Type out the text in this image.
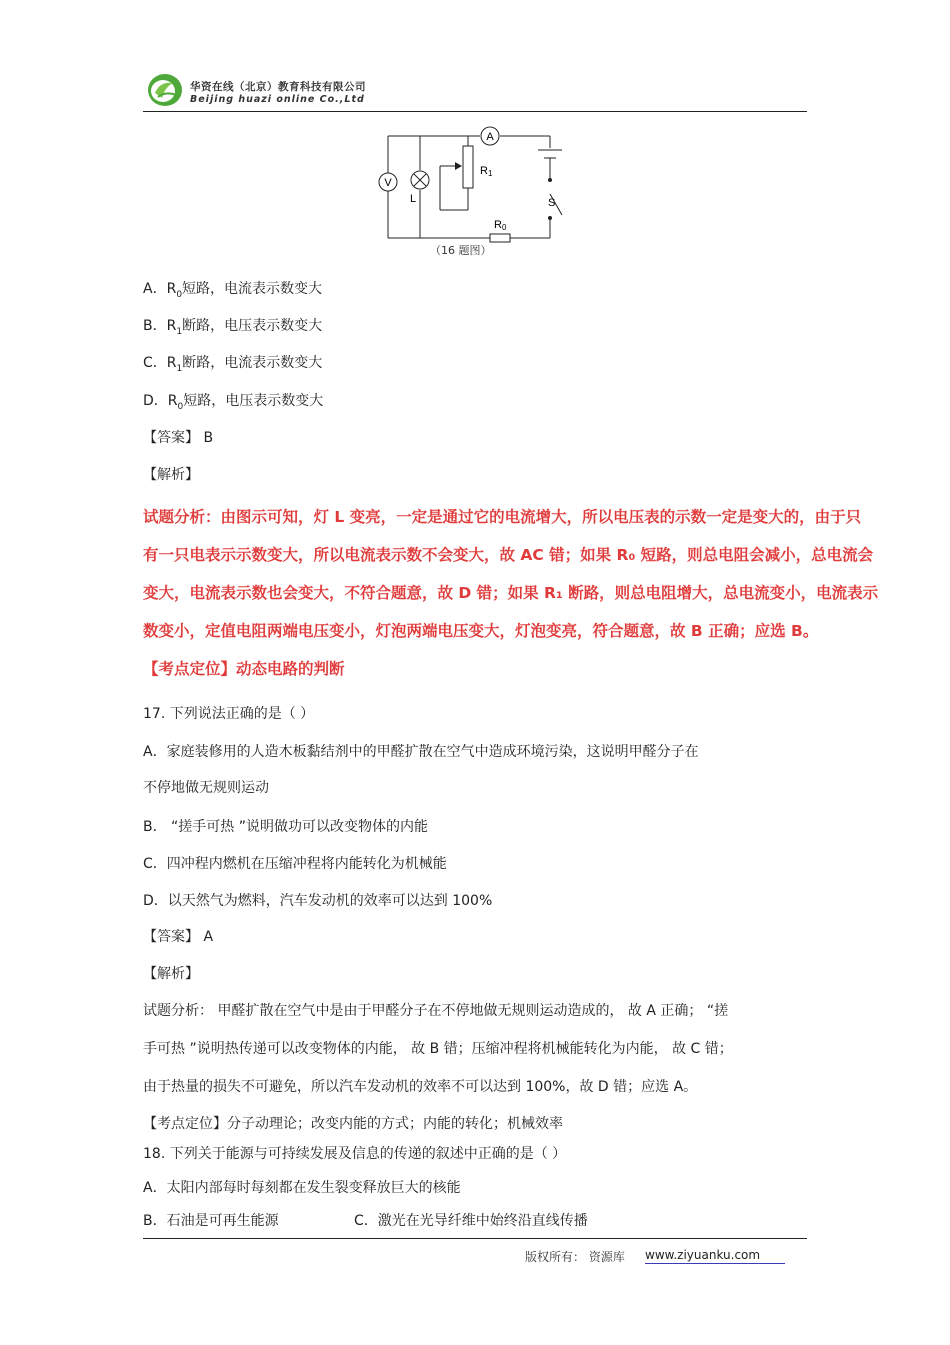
华资在线（北京）教育科技有限公司
Beijing huazi online Co.,Ltd
A
V
L
R1
R0
S
（16 题图）
A．$R_0$短路，电流表示数变大
B．$R_1$断路，电压表示数变大
C．$R_1$断路，电流表示数变大
D．$R_0$短路，电压表示数变大
【答案】 B
【解析】
试题分析：由图示可知，灯 L 变亮，一定是通过它的电流增大，所以电压表的示数一定是变大的，由于只
有一只电表示示数变大，所以电流表示数不会变大，故 AC 错；如果 R₀ 短路，则总电阻会减小，总电流会
变大，电流表示数也会变大，不符合题意，故 D 错；如果 R₁ 断路，则总电阻增大，总电流变小，电流表示
数变小，定值电阻两端电压变小，灯泡两端电压变大，灯泡变亮，符合题意，故 B 正确；应选 B。
【考点定位】动态电路的判断
17. 下列说法正确的是（ ）
A．家庭装修用的人造木板黏结剂中的甲醛扩散在空气中造成环境污染，这说明甲醛分子在
不停地做无规则运动
B． “搓手可热 ”说明做功可以改变物体的内能
C．四冲程内燃机在压缩冲程将内能转化为机械能
D．以天然气为燃料，汽车发动机的效率可以达到 100%
【答案】 A
【解析】
试题分析： 甲醛扩散在空气中是由于甲醛分子在不停地做无规则运动造成的， 故 A 正确； “搓
手可热 ”说明热传递可以改变物体的内能， 故 B 错；压缩冲程将机械能转化为内能， 故 C 错；
由于热量的损失不可避免，所以汽车发动机的效率不可以达到 100%，故 D 错；应选 A。
【考点定位】分子动理论；改变内能的方式；内能的转化；机械效率
18. 下列关于能源与可持续发展及信息的传递的叙述中正确的是（ ）
A．太阳内部每时每刻都在发生裂变释放巨大的核能
B．石油是可再生能源	C．激光在光导纤维中始终沿直线传播
版权所有： 资源库 www.ziyuanku.com
